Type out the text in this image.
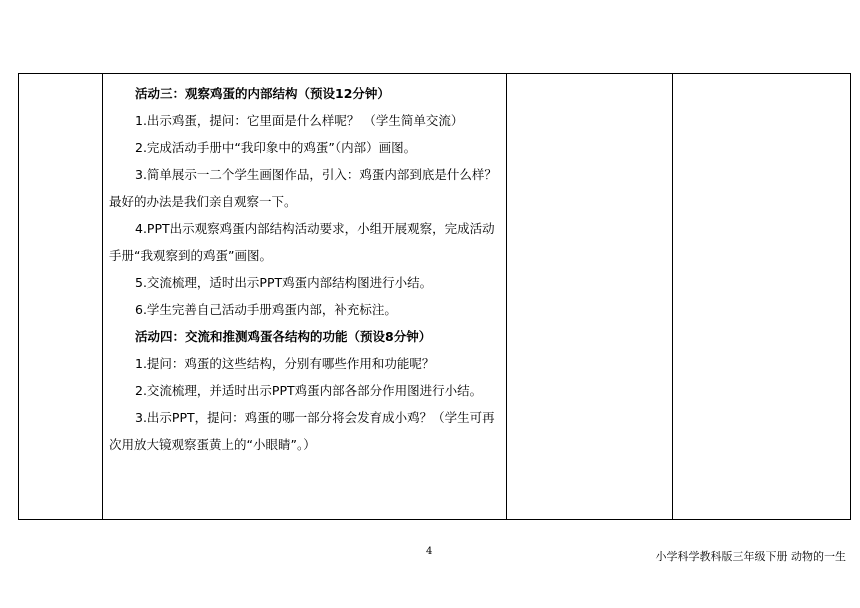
活动三：观察鸡蛋的内部结构（预设12分钟）

1.出示鸡蛋，提问：它里面是什么样呢？ （学生简单交流）

2.完成活动手册中“我印象中的鸡蛋”（内部）画图。

3.简单展示一二个学生画图作品，引入：鸡蛋内部到底是什么样？最好的办法是我们亲自观察一下。

4.PPT出示观察鸡蛋内部结构活动要求，小组开展观察，完成活动手册“我观察到的鸡蛋”画图。

5.交流梳理，适时出示PPT鸡蛋内部结构图进行小结。

6.学生完善自己活动手册鸡蛋内部，补充标注。

活动四：交流和推测鸡蛋各结构的功能（预设8分钟）

1.提问：鸡蛋的这些结构，分别有哪些作用和功能呢？

2.交流梳理，并适时出示PPT鸡蛋内部各部分作用图进行小结。

3.出示PPT，提问：鸡蛋的哪一部分将会发育成小鸡？（学生可再次用放大镜观察蛋黄上的“小眼睛”。）

4	小学科学教科版三年级下册 动物的一生
